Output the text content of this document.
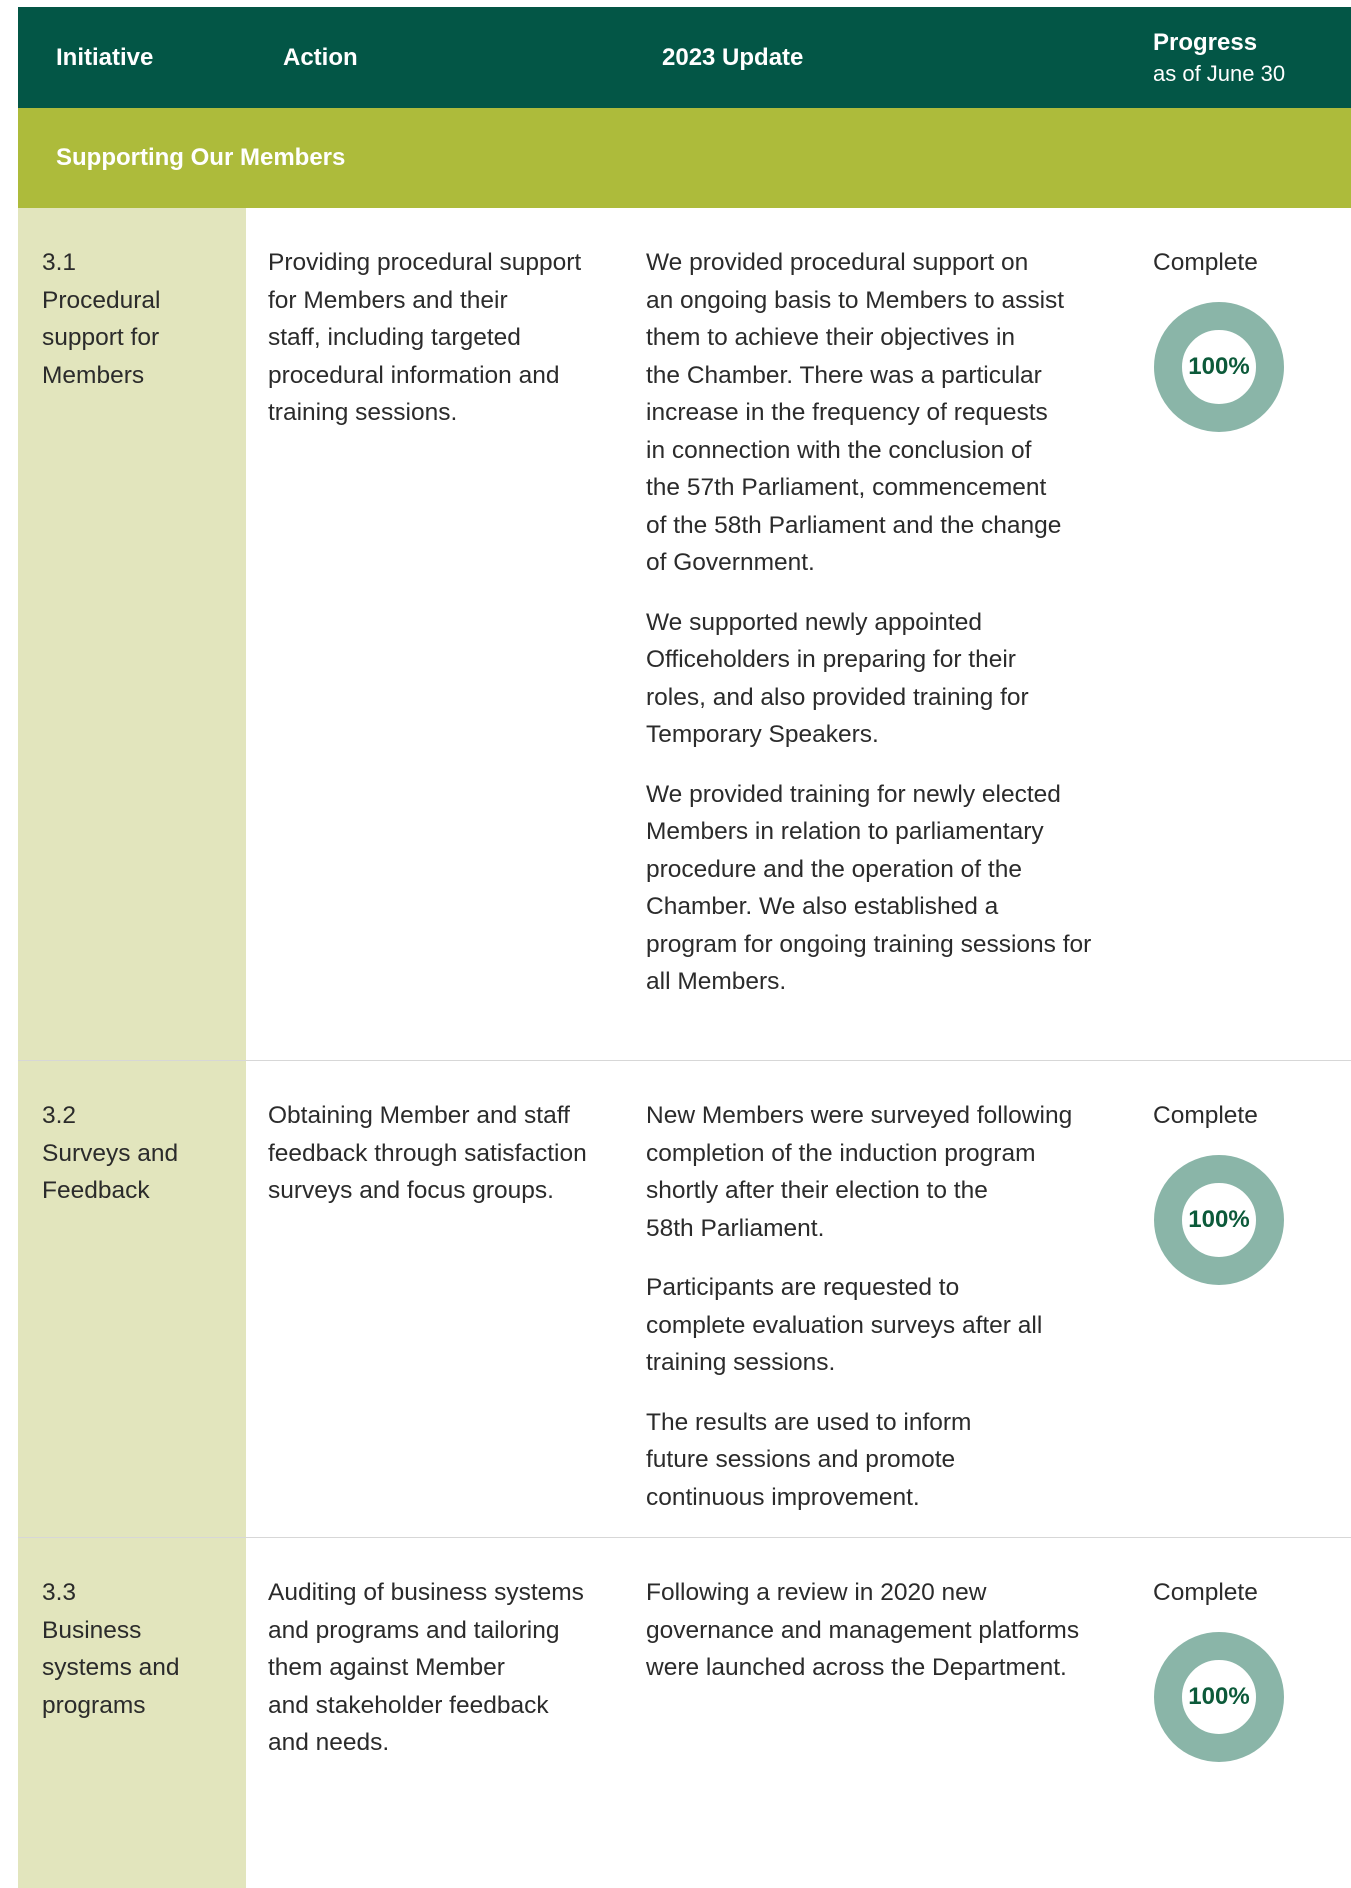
Initiative	Action	2023 Update
Progress
as of June 30
Supporting Our Members
3.1
Procedural
support for
Members
Providing procedural support
for Members and their
staff, including targeted
procedural information and
training sessions.

We provided procedural support on
an ongoing basis to Members to assist
them to achieve their objectives in
the Chamber. There was a particular
increase in the frequency of requests
in connection with the conclusion of
the 57th Parliament, commencement
of the 58th Parliament and the change
of Government.

We supported newly appointed
Officeholders in preparing for their
roles, and also provided training for
Temporary Speakers.

We provided training for newly elected
Members in relation to parliamentary
procedure and the operation of the
Chamber. We also established a
program for ongoing training sessions for
all Members.

Complete
100%
3.2
Surveys and
Feedback
Obtaining Member and staff
feedback through satisfaction
surveys and focus groups.

New Members were surveyed following
completion of the induction program
shortly after their election to the
58th Parliament.

Participants are requested to
complete evaluation surveys after all
training sessions.

The results are used to inform
future sessions and promote
continuous improvement.

Complete
100%
3.3
Business
systems and
programs
Auditing of business systems
and programs and tailoring
them against Member
and stakeholder feedback
and needs.

Following a review in 2020 new
governance and management platforms
were launched across the Department.

Complete
100%
